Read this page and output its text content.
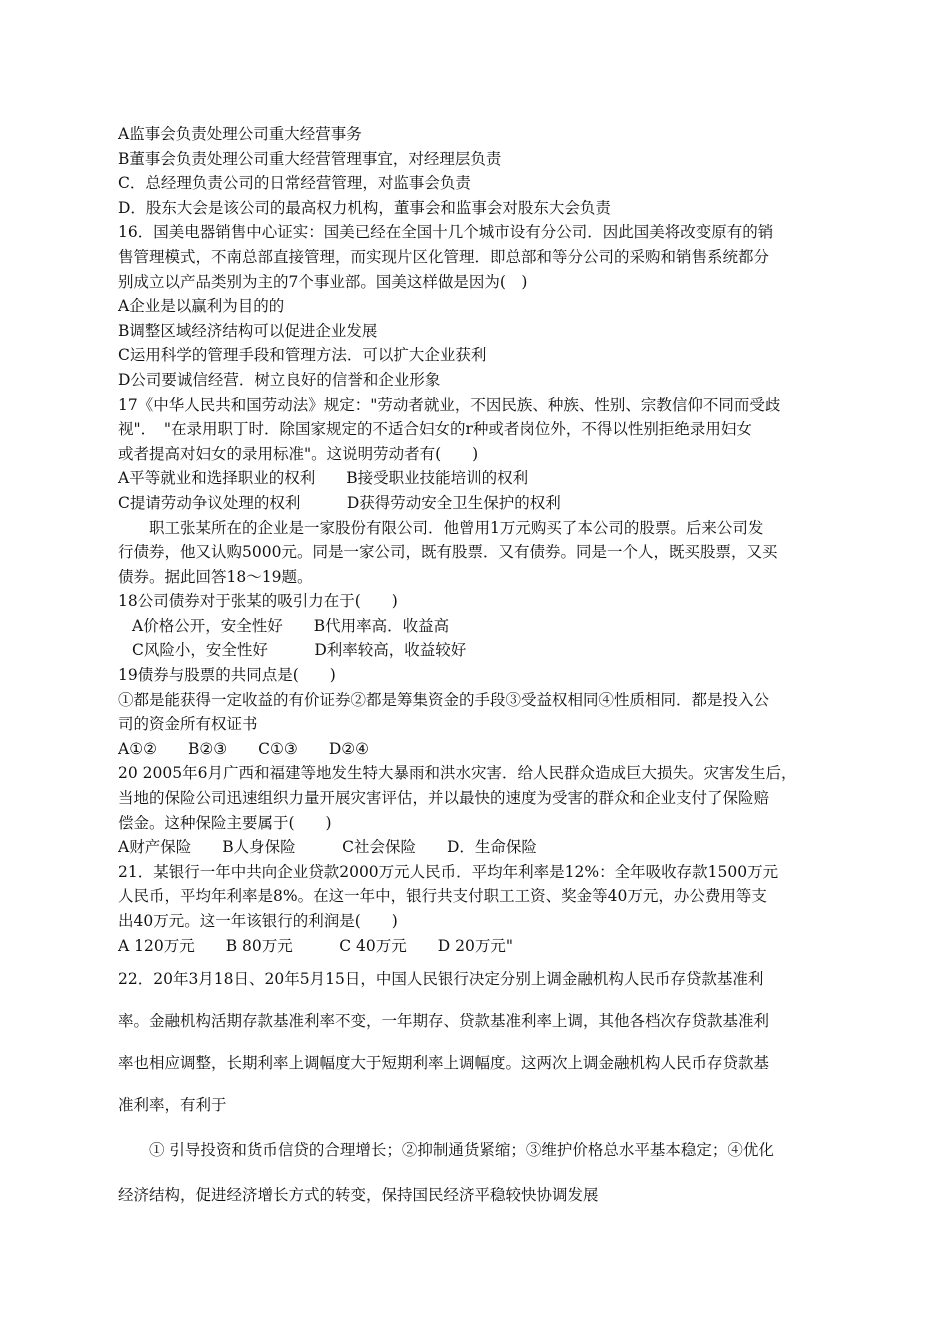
A监事会负责处理公司重大经营事务
B董事会负责处理公司重大经营管理事宜，对经理层负责
C．总经理负责公司的日常经营管理，对监事会负责
D．股东大会是该公司的最高权力机构，董事会和监事会对股东大会负责
16．国美电器销售中心证实：国美已经在全国十几个城市设有分公司．因此国美将改变原有的销
售管理模式，不南总部直接管理，而实现片区化管理．即总部和等分公司的采购和销售系统都分
别成立以产品类别为主的7个事业部。国美这样做是因为(　)
A企业是以赢利为目的的
B调整区域经济结构可以促进企业发展
C运用科学的管理手段和管理方法．可以扩大企业获利
D公司要诚信经营．树立良好的信誉和企业形象
17《中华人民共和国劳动法》规定："劳动者就业，不因民族、种族、性别、宗教信仰不同而受歧
视"．　"在录用职丁时．除国家规定的不适合妇女的r种或者岗位外，不得以性别拒绝录用妇女
或者提高对妇女的录用标准"。这说明劳动者有(　　)
A平等就业和选择职业的权利　　B接受职业技能培训的权利
C提请劳动争议处理的权利　　　D获得劳动安全卫生保护的权利
职工张某所在的企业是一家股份有限公司．他曾用1万元购买了本公司的股票。后来公司发
行债券，他又认购5000元。同是一家公司，既有股票．又有债券。同是一个人，既买股票，又买
债券。据此回答18～19题。
18公司债券对于张某的吸引力在于(　　)
A价格公开，安全性好　　B代用率高．收益高
C风险小，安全性好　　　D利率较高，收益较好
19债券与股票的共同点是(　　)
①都是能获得一定收益的有价证券②都是筹集资金的手段③受益权相同④性质相同．都是投入公
司的资金所有权证书
A①②　　B②③　　C①③　　D②④
20 2005年6月广西和福建等地发生特大暴雨和洪水灾害．给人民群众造成巨大损失。灾害发生后，
当地的保险公司迅速组织力量开展灾害评估，并以最快的速度为受害的群众和企业支付了保险赔
偿金。这种保险主要属于(　　)
A财产保险　　B人身保险　　　C社会保险　　D．生命保险
21．某银行一年中共向企业贷款2000万元人民币．平均年利率是12%：全年吸收存款1500万元
人民币，平均年利率是8%。在这一年中，银行共支付职工工资、奖金等40万元，办公费用等支
出40万元。这一年该银行的利润是(　　)
A 120万元　　B 80万元　　　C 40万元　　D 20万元"
22．20年3月18日、20年5月15日，中国人民银行决定分别上调金融机构人民币存贷款基准利
率。金融机构活期存款基准利率不变，一年期存、贷款基准利率上调，其他各档次存贷款基准利
率也相应调整，长期利率上调幅度大于短期利率上调幅度。这两次上调金融机构人民币存贷款基
准利率，有利于
① 引导投资和货币信贷的合理增长；②抑制通货紧缩；③维护价格总水平基本稳定；④优化
经济结构，促进经济增长方式的转变，保持国民经济平稳较快协调发展
